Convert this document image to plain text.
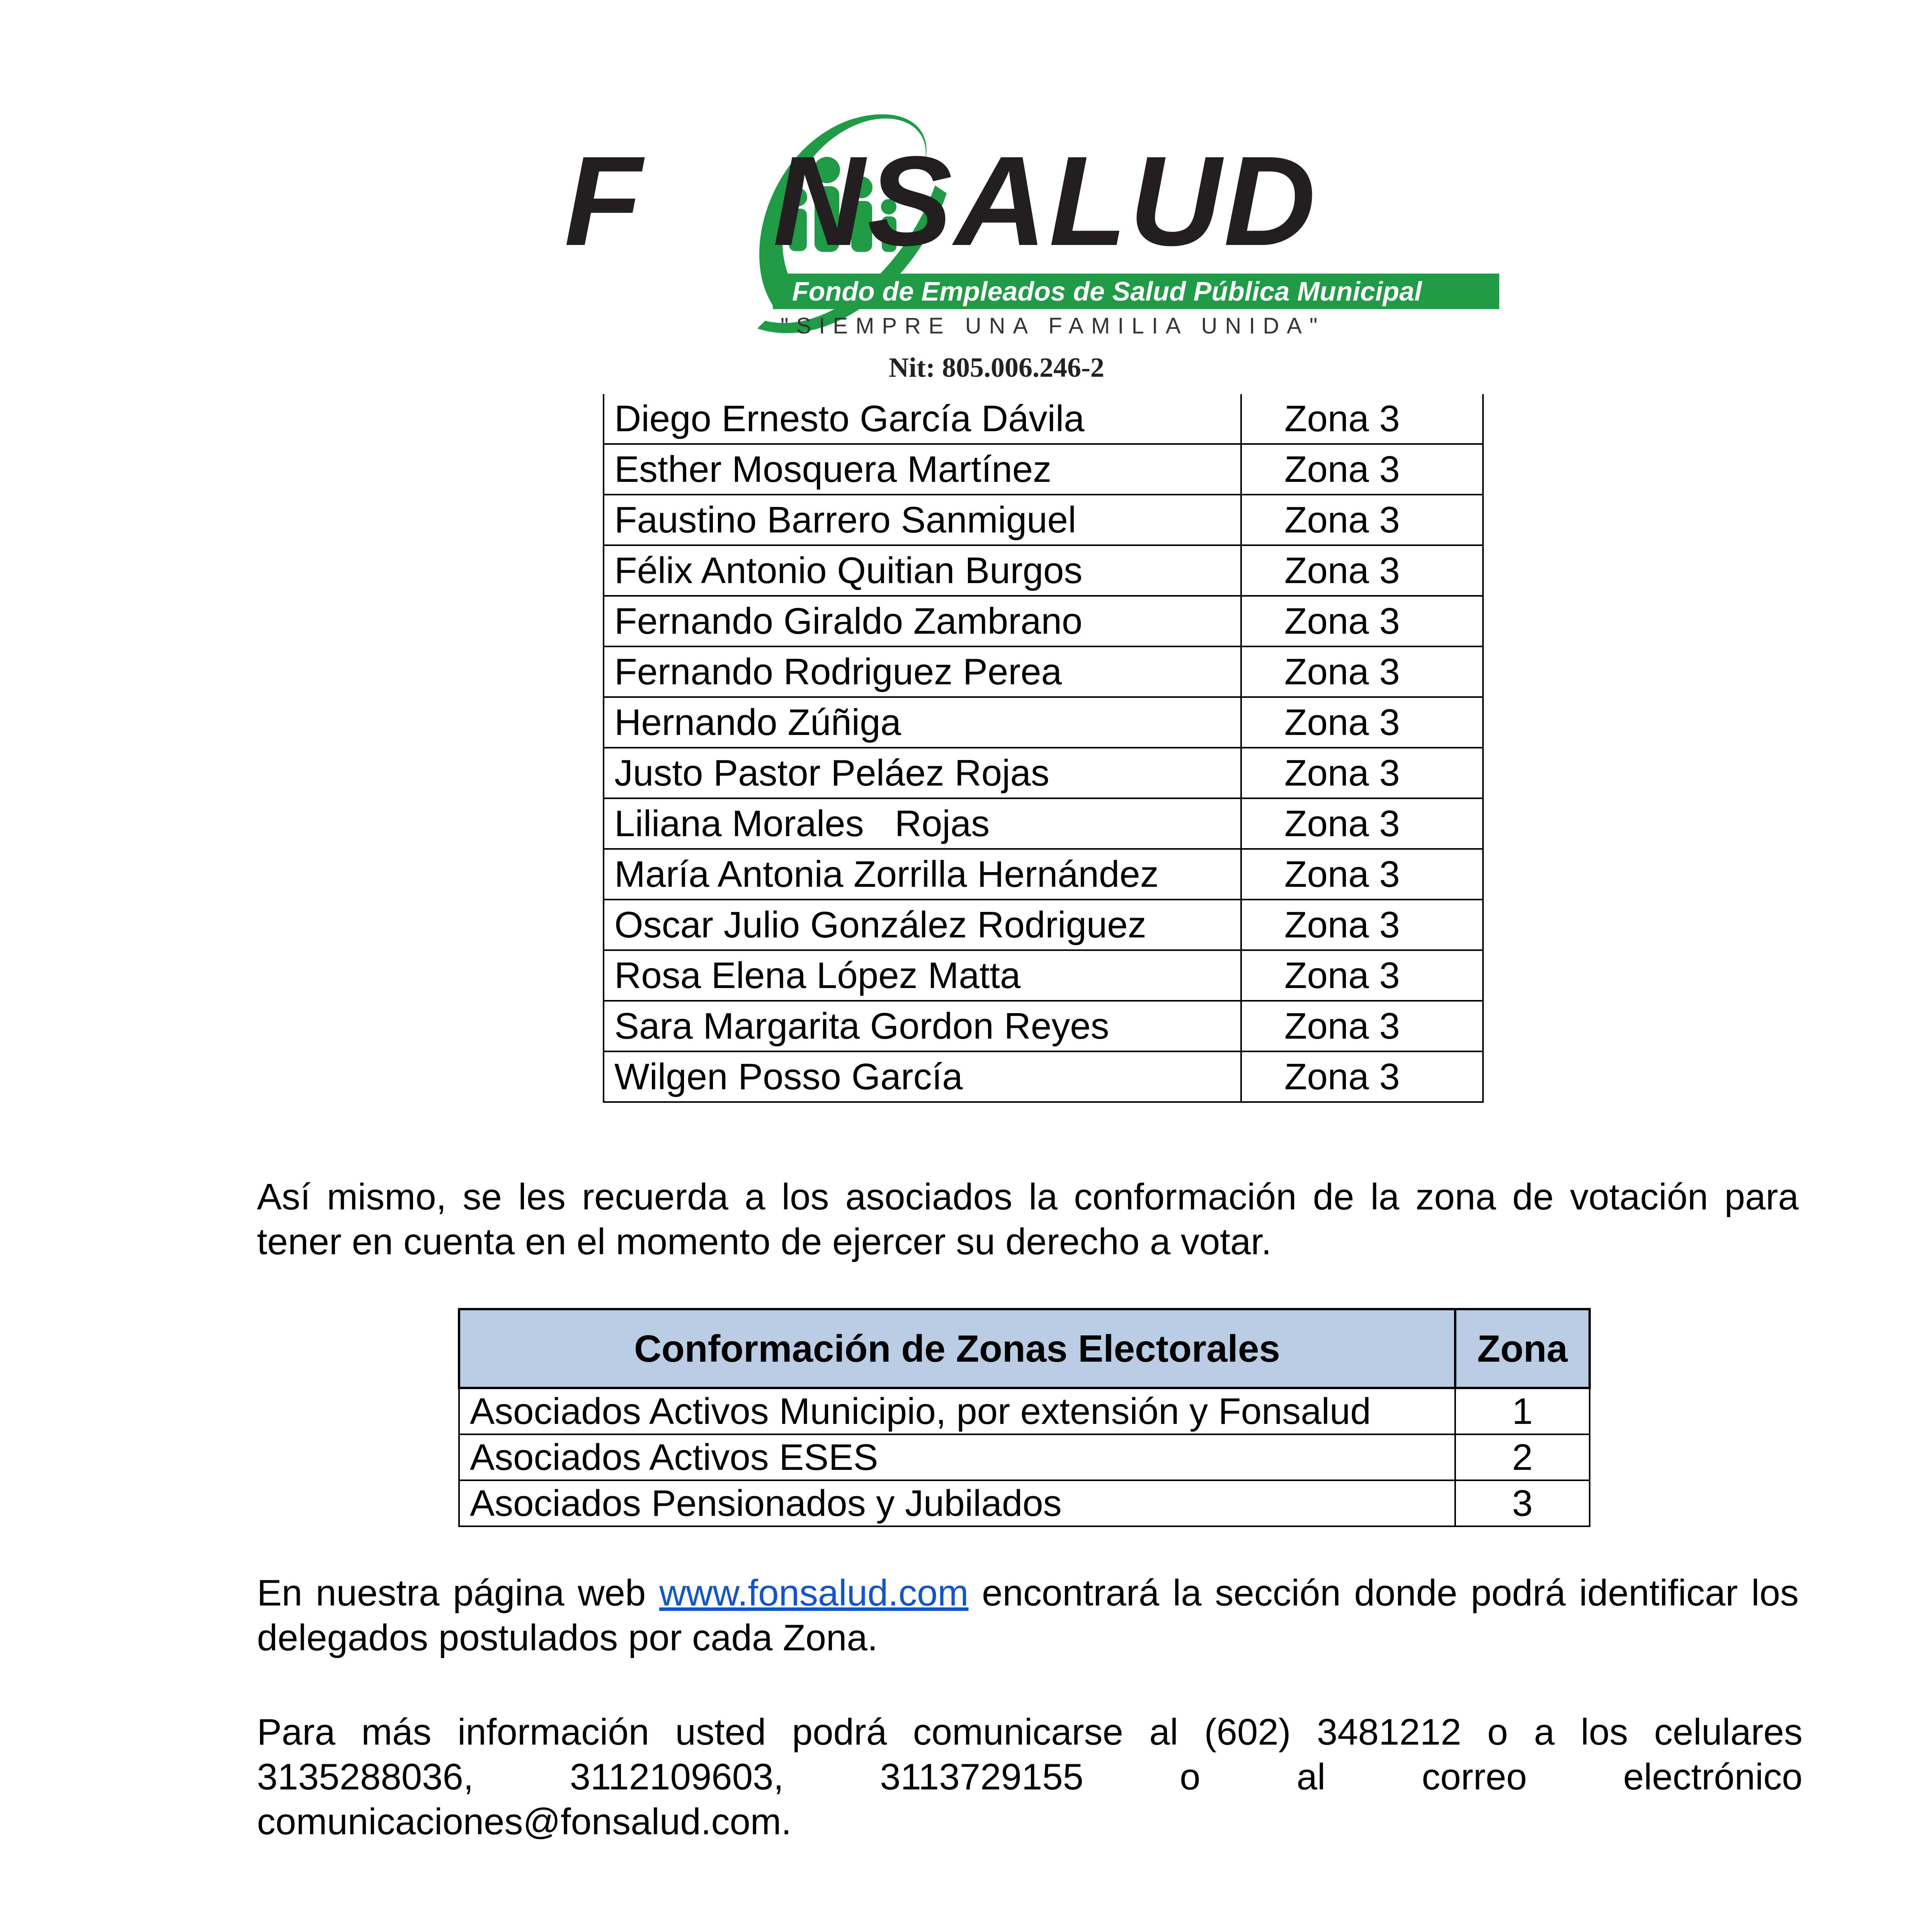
F NSALUD
Fondo de Empleados de Salud Pública Municipal
"SIEMPRE UNA FAMILIA UNIDA"
Nit: 805.006.246-2
Diego Ernesto García Dávila	Zona 3
Esther Mosquera Martínez	Zona 3
Faustino Barrero Sanmiguel	Zona 3
Félix Antonio Quitian Burgos	Zona 3
Fernando Giraldo Zambrano	Zona 3
Fernando Rodriguez Perea	Zona 3
Hernando Zúñiga	Zona 3
Justo Pastor Peláez Rojas	Zona 3
Liliana Morales   Rojas	Zona 3
María Antonia Zorrilla Hernández	Zona 3
Oscar Julio González Rodriguez	Zona 3
Rosa Elena López Matta	Zona 3
Sara Margarita Gordon Reyes	Zona 3
Wilgen Posso García	Zona 3
Así mismo, se les recuerda a los asociados la conformación de la zona de votación para tener en cuenta en el momento de ejercer su derecho a votar.
Conformación de Zonas Electorales	Zona
Asociados Activos Municipio, por extensión y Fonsalud	1
Asociados Activos ESES	2
Asociados Pensionados y Jubilados	3
En nuestra página web www.fonsalud.com encontrará la sección donde podrá identificar los delegados postulados por cada Zona.
Para más información usted podrá comunicarse al (602) 3481212 o a los celulares
3135288036,	3112109603,	3113729155	o	al	correo	electrónico
comunicaciones@fonsalud.com.
